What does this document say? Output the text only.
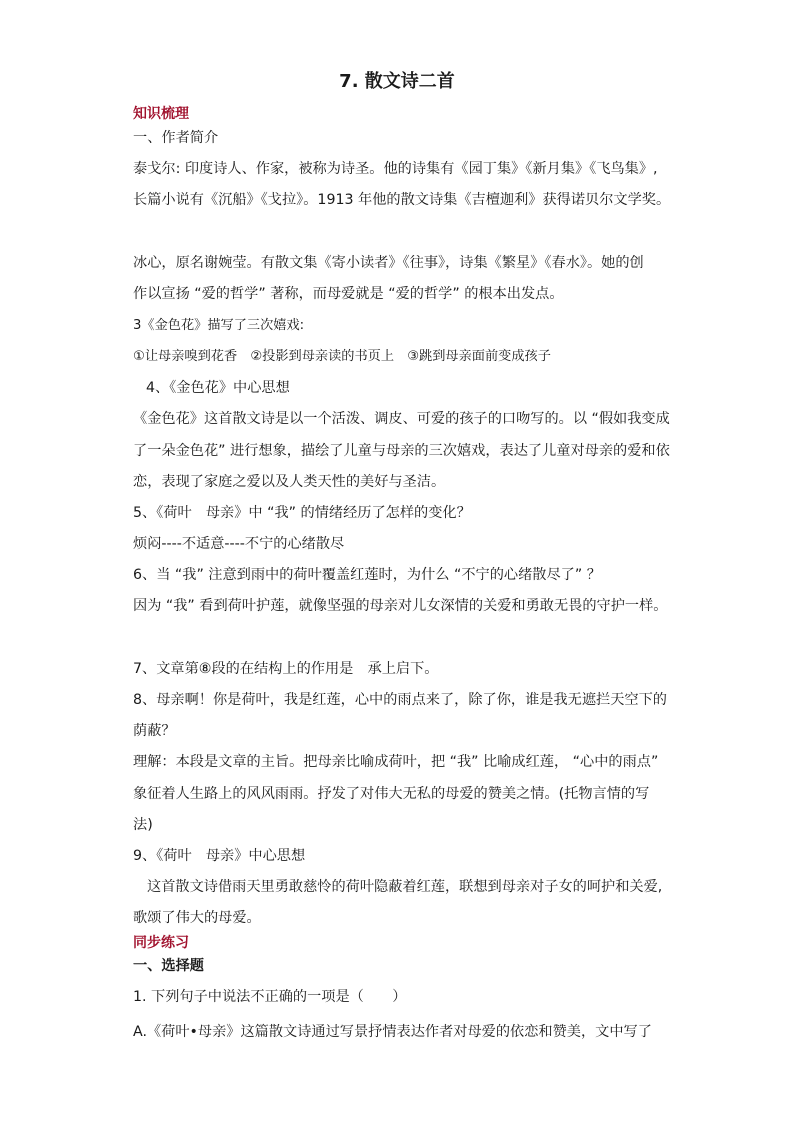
7. 散文诗二首
知识梳理
一、作者简介
泰戈尔: 印度诗人、作家，被称为诗圣。他的诗集有《园丁集》《新月集》《飞鸟集》,
长篇小说有《沉船》《戈拉》。1913 年他的散文诗集《吉檀迦利》获得诺贝尔文学奖。
冰心，原名谢婉莹。有散文集《寄小读者》《往事》，诗集《繁星》《春水》。她的创
作以宣扬 “爱的哲学” 著称，而母爱就是 “爱的哲学” 的根本出发点。
3《金色花》描写了三次嬉戏:
①让母亲嗅到花香　②投影到母亲读的书页上　③跳到母亲面前变成孩子
4、《金色花》中心思想
《金色花》这首散文诗是以一个活泼、调皮、可爱的孩子的口吻写的。以 “假如我变成
了一朵金色花” 进行想象，描绘了儿童与母亲的三次嬉戏，表达了儿童对母亲的爱和依
恋，表现了家庭之爱以及人类天性的美好与圣洁。
5、《荷叶　母亲》中 “我” 的情绪经历了怎样的变化？
烦闷----不适意----不宁的心绪散尽
6、当 “我” 注意到雨中的荷叶覆盖红莲时，为什么 “不宁的心绪散尽了” ？
因为 “我” 看到荷叶护莲，就像坚强的母亲对儿女深情的关爱和勇敢无畏的守护一样。
7、文章第⑧段的在结构上的作用是　承上启下。
8、母亲啊！你是荷叶，我是红莲，心中的雨点来了，除了你，谁是我无遮拦天空下的
荫蔽？
理解：本段是文章的主旨。把母亲比喻成荷叶，把 “我” 比喻成红莲， “心中的雨点”
象征着人生路上的风风雨雨。抒发了对伟大无私的母爱的赞美之情。(托物言情的写
法)
9、《荷叶　母亲》中心思想
这首散文诗借雨天里勇敢慈怜的荷叶隐蔽着红莲，联想到母亲对子女的呵护和关爱,
歌颂了伟大的母爱。
同步练习
一、选择题
1. 下列句子中说法不正确的一项是（　　）
A.《荷叶•母亲》这篇散文诗通过写景抒情表达作者对母爱的依恋和赞美，文中写了
